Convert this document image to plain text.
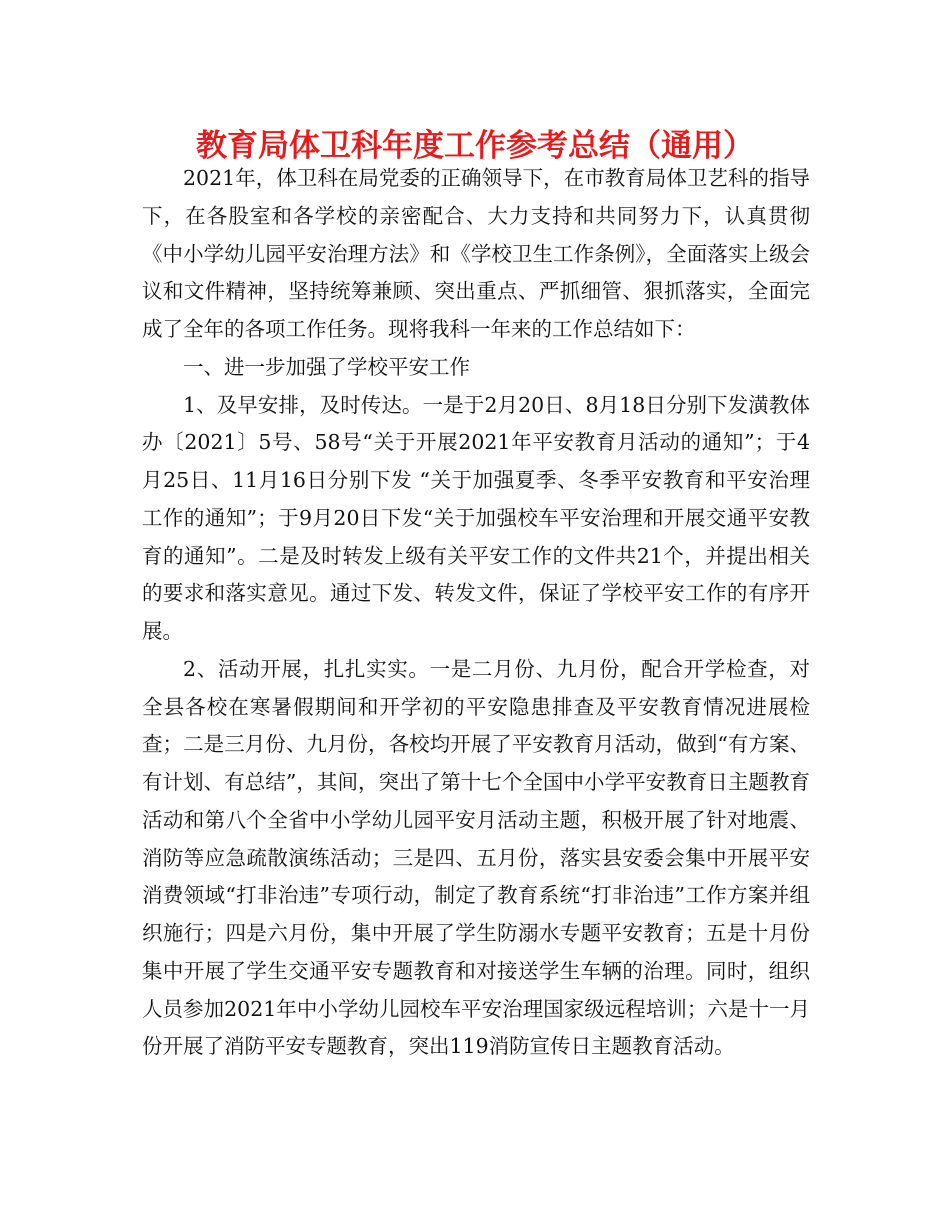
教育局体卫科年度工作参考总结（通用）

2021年，体卫科在局党委的正确领导下，在市教育局体卫艺科的指导下，在各股室和各学校的亲密配合、大力支持和共同努力下，认真贯彻《中小学幼儿园平安治理方法》和《学校卫生工作条例》，全面落实上级会议和文件精神，坚持统筹兼顾、突出重点、严抓细管、狠抓落实，全面完成了全年的各项工作任务。现将我科一年来的工作总结如下：

一、进一步加强了学校平安工作

1、及早安排，及时传达。一是于2月20日、8月18日分别下发潢教体办〔2021〕5号、58号“关于开展2021年平安教育月活动的通知”；于4月25日、11月16日分别下发 “关于加强夏季、冬季平安教育和平安治理工作的通知”；于9月20日下发“关于加强校车平安治理和开展交通平安教育的通知”。二是及时转发上级有关平安工作的文件共21个，并提出相关的要求和落实意见。通过下发、转发文件，保证了学校平安工作的有序开展。

2、活动开展，扎扎实实。一是二月份、九月份，配合开学检查，对全县各校在寒暑假期间和开学初的平安隐患排查及平安教育情况进展检查；二是三月份、九月份，各校均开展了平安教育月活动，做到“有方案、有计划、有总结”，其间，突出了第十七个全国中小学平安教育日主题教育活动和第八个全省中小学幼儿园平安月活动主题，积极开展了针对地震、消防等应急疏散演练活动；三是四、五月份，落实县安委会集中开展平安消费领域“打非治违”专项行动，制定了教育系统“打非治违”工作方案并组织施行；四是六月份，集中开展了学生防溺水专题平安教育；五是十月份集中开展了学生交通平安专题教育和对接送学生车辆的治理。同时，组织人员参加2021年中小学幼儿园校车平安治理国家级远程培训；六是十一月份开展了消防平安专题教育，突出119消防宣传日主题教育活动。
